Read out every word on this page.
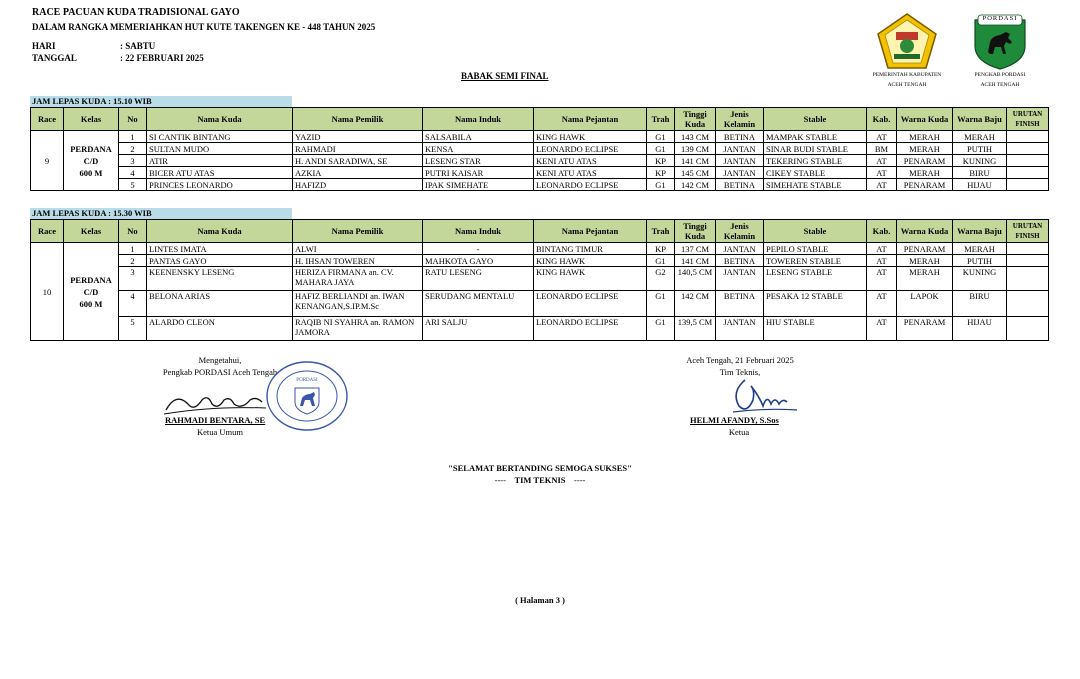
RACE PACUAN KUDA TRADISIONAL GAYO
DALAM RANGKA MEMERIAHKAN HUT KUTE TAKENGEN KE - 448 TAHUN 2025
HARI	: SABTU
TANGGAL	: 22 FEBRUARI 2025
BABAK SEMI FINAL	PEMERINTAH KABUPATEN
ACEH TENGAH
PORDASI
PENGKAB PORDASI
ACEH TENGAH
JAM LEPAS KUDA : 15.10 WIB
Race	Kelas	No	Nama Kuda	Nama Pemilik	Nama Induk	Nama Pejantan	Trah	Tinggi Kuda	Jenis Kelamin	Stable	Kab.	Warna Kuda	Warna Baju	URUTAN FINISH
9	PERDANA
C/D
600 M	1	SI CANTIK BINTANG	YAZID	SALSABILA	KING HAWK	G1	143 CM	BETINA	MAMPAK STABLE	AT	MERAH	MERAH	
		2	SULTAN MUDO	RAHMADI	KENSA	LEONARDO ECLIPSE	G1	139 CM	JANTAN	SINAR BUDI STABLE	BM	MERAH	PUTIH	
		3	ATIR	H. ANDI SARADIWA, SE	LESENG STAR	KENI ATU ATAS	KP	141 CM	JANTAN	TEKERING STABLE	AT	PENARAM	KUNING	
		4	BICER ATU ATAS	AZKIA	PUTRI KAISAR	KENI ATU ATAS	KP	145 CM	JANTAN	CIKEY STABLE	AT	MERAH	BIRU	
		5	PRINCES LEONARDO	HAFIZD	IPAK SIMEHATE	LEONARDO ECLIPSE	G1	142 CM	BETINA	SIMEHATE STABLE	AT	PENARAM	HIJAU	
JAM LEPAS KUDA : 15.30 WIB
Race	Kelas	No	Nama Kuda	Nama Pemilik	Nama Induk	Nama Pejantan	Trah	Tinggi Kuda	Jenis Kelamin	Stable	Kab.	Warna Kuda	Warna Baju	URUTAN FINISH
10	PERDANA
C/D
600 M	1	LINTES IMATA	ALWI	-	BINTANG TIMUR	KP	137 CM	JANTAN	PEPILO STABLE	AT	PENARAM	MERAH	
		2	PANTAS GAYO	H. IHSAN TOWEREN	MAHKOTA GAYO	KING HAWK	G1	141 CM	BETINA	TOWEREN STABLE	AT	MERAH	PUTIH	
		3	KEENENSKY LESENG	HERIZA FIRMANA an. CV. MAHARA JAYA	RATU LESENG	KING HAWK	G2	140,5 CM	JANTAN	LESENG STABLE	AT	MERAH	KUNING	
		4	BELONA ARIAS	HAFIZ BERLIANDI an. IWAN KENANGAN,S.IP.M.Sc	SERUDANG MENTALU	LEONARDO ECLIPSE	G1	142 CM	BETINA	PESAKA 12 STABLE	AT	LAPOK	BIRU	
		5	ALARDO CLEON	RAQIB NI SYAHRA an. RAMON JAMORA	ARI SALJU	LEONARDO ECLIPSE	G1	139,5 CM	JANTAN	HIU STABLE	AT	PENARAM	HIJAU	
Mengetahui,
Pengkab PORDASI Aceh Tengah
PORDASI
RAHMADI BENTARA, SE
Ketua Umum
Aceh Tengah, 21 Februari 2025
Tim Teknis,
HELMI AFANDY, S.Sos
Ketua
"SELAMAT BERTANDING SEMOGA SUKSES"
---- TIM TEKNIS ----
( Halaman 3 )
